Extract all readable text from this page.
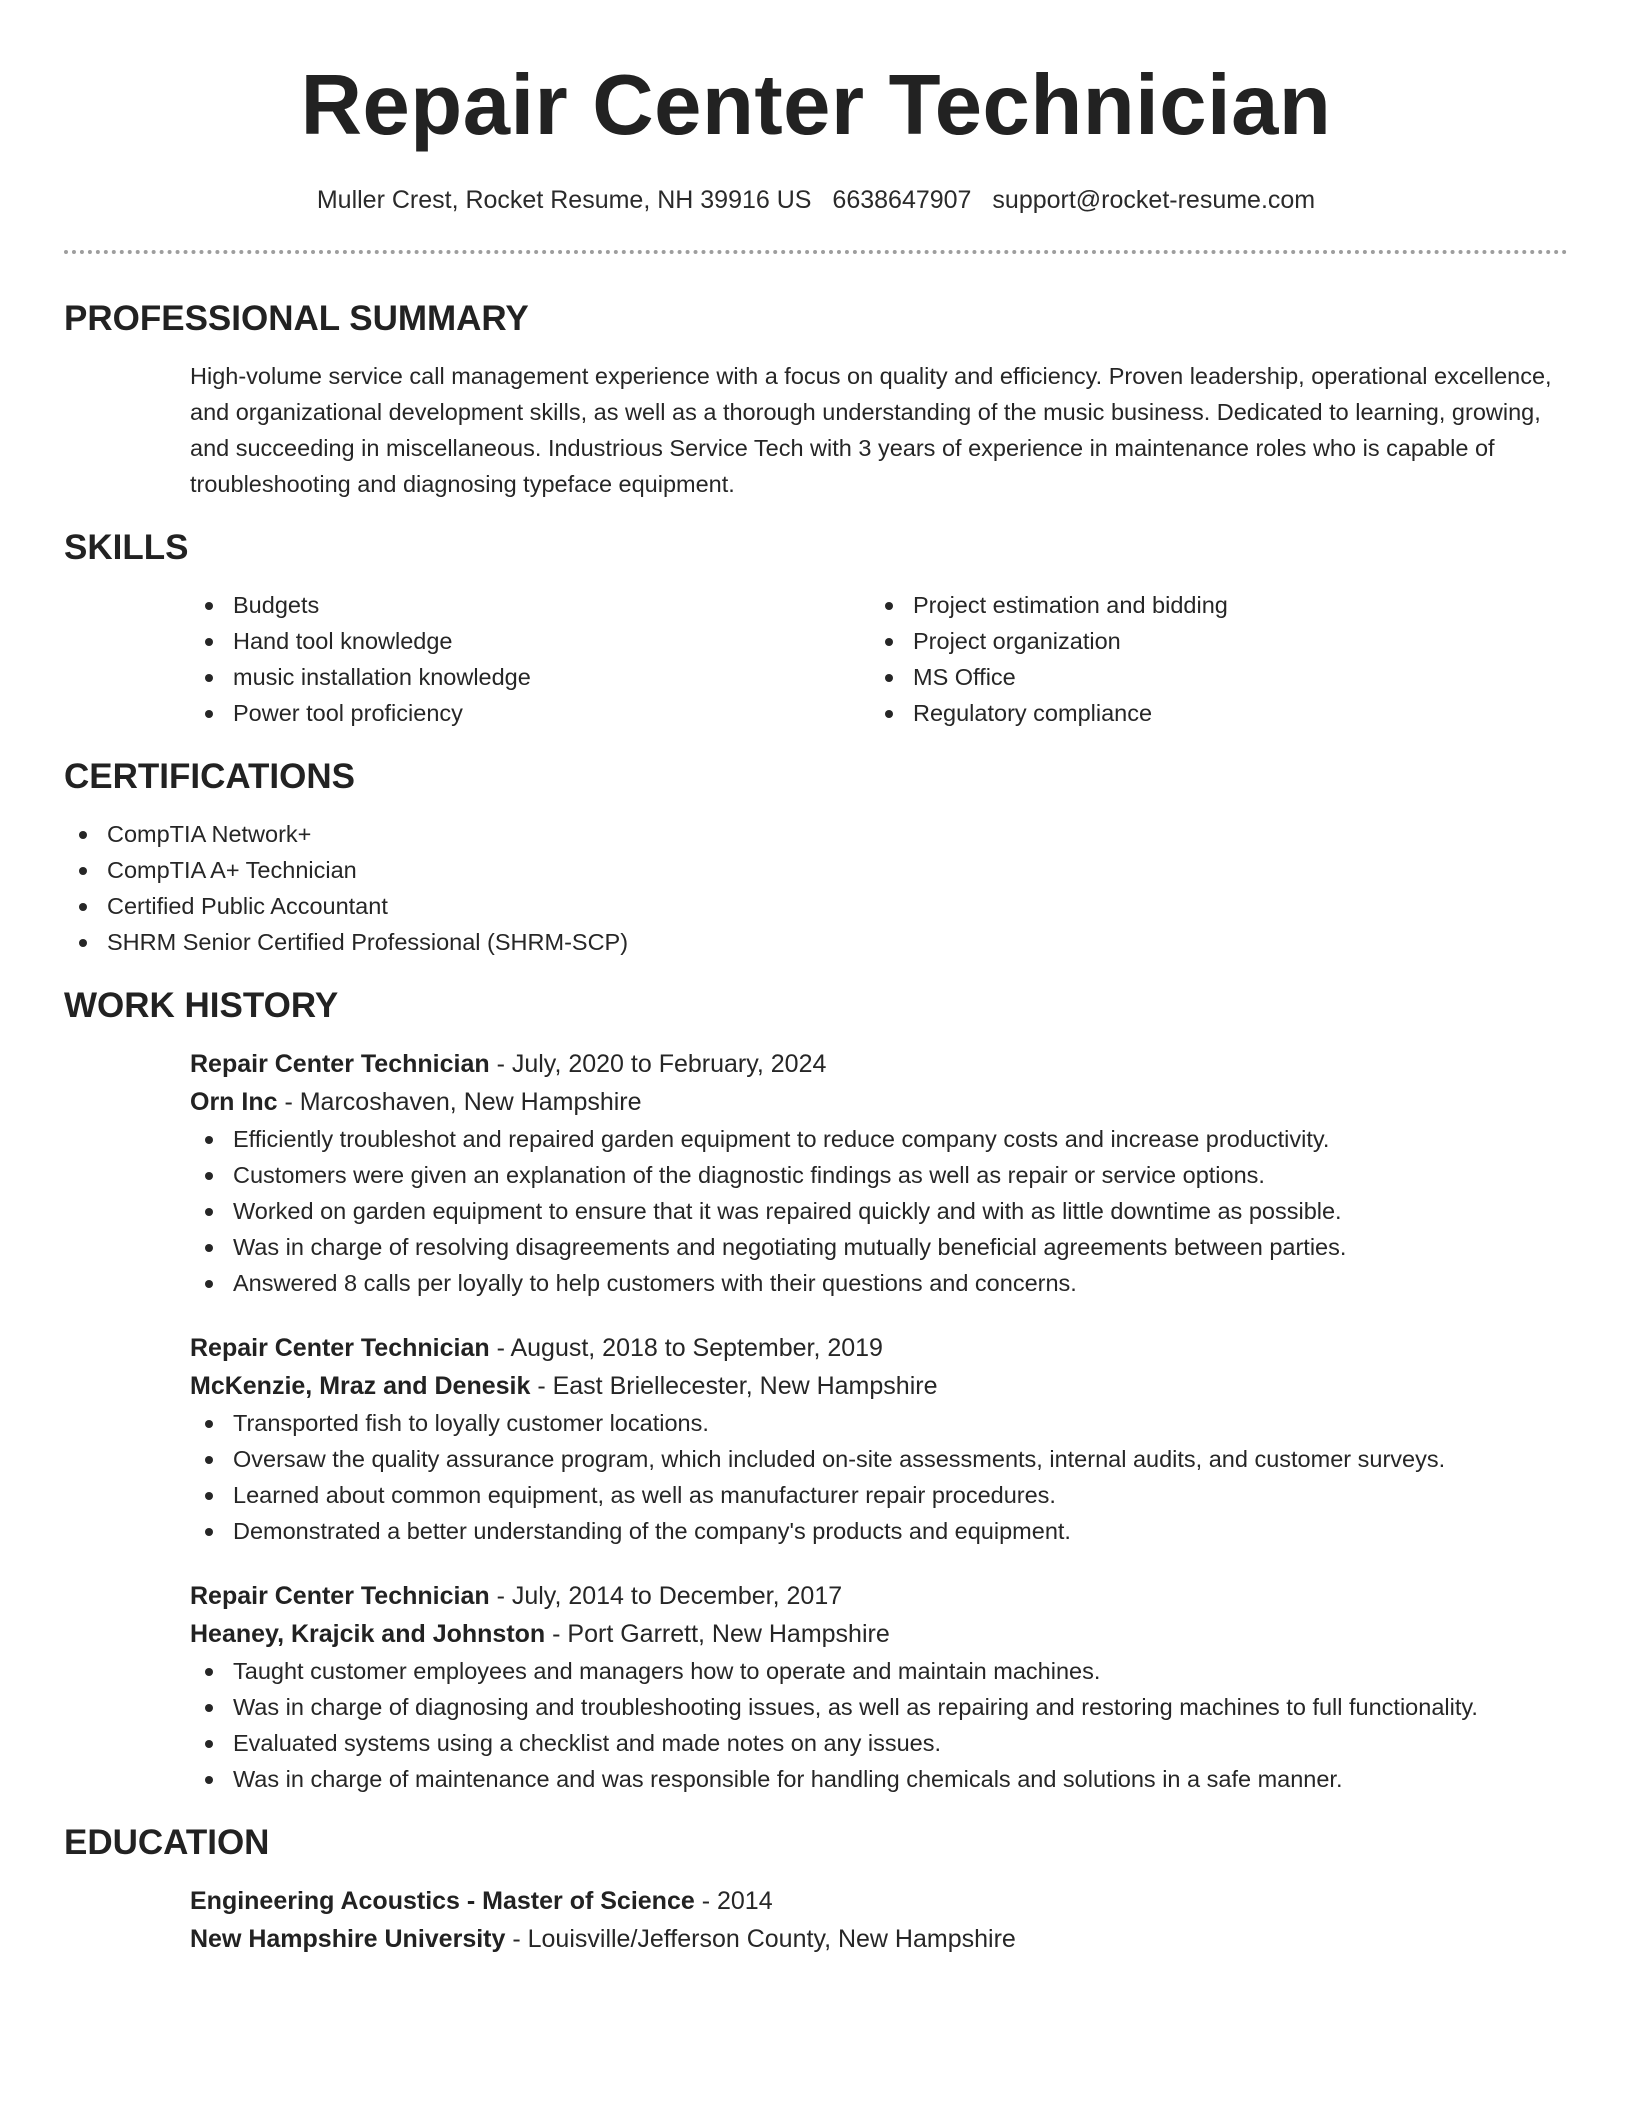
Repair Center Technician
Muller Crest, Rocket Resume, NH 39916 US 6638647907 support@rocket-resume.com
PROFESSIONAL SUMMARY

High-volume service call management experience with a focus on quality and efficiency. Proven leadership, operational excellence, and organizational development skills, as well as a thorough understanding of the music business. Dedicated to learning, growing, and succeeding in miscellaneous. Industrious Service Tech with 3 years of experience in maintenance roles who is capable of troubleshooting and diagnosing typeface equipment.

SKILLS
Budgets
Hand tool knowledge
music installation knowledge
Power tool proficiency
Project estimation and bidding
Project organization
MS Office
Regulatory compliance
CERTIFICATIONS
CompTIA Network+
CompTIA A+ Technician
Certified Public Accountant
SHRM Senior Certified Professional (SHRM-SCP)
WORK HISTORY
Repair Center Technician - July, 2020 to February, 2024
Orn Inc - Marcoshaven, New Hampshire
Efficiently troubleshot and repaired garden equipment to reduce company costs and increase productivity.
Customers were given an explanation of the diagnostic findings as well as repair or service options.
Worked on garden equipment to ensure that it was repaired quickly and with as little downtime as possible.
Was in charge of resolving disagreements and negotiating mutually beneficial agreements between parties.
Answered 8 calls per loyally to help customers with their questions and concerns.
Repair Center Technician - August, 2018 to September, 2019
McKenzie, Mraz and Denesik - East Briellecester, New Hampshire
Transported fish to loyally customer locations.
Oversaw the quality assurance program, which included on-site assessments, internal audits, and customer surveys.
Learned about common equipment, as well as manufacturer repair procedures.
Demonstrated a better understanding of the company's products and equipment.
Repair Center Technician - July, 2014 to December, 2017
Heaney, Krajcik and Johnston - Port Garrett, New Hampshire
Taught customer employees and managers how to operate and maintain machines.
Was in charge of diagnosing and troubleshooting issues, as well as repairing and restoring machines to full functionality.
Evaluated systems using a checklist and made notes on any issues.
Was in charge of maintenance and was responsible for handling chemicals and solutions in a safe manner.
EDUCATION
Engineering Acoustics - Master of Science - 2014
New Hampshire University - Louisville/Jefferson County, New Hampshire
